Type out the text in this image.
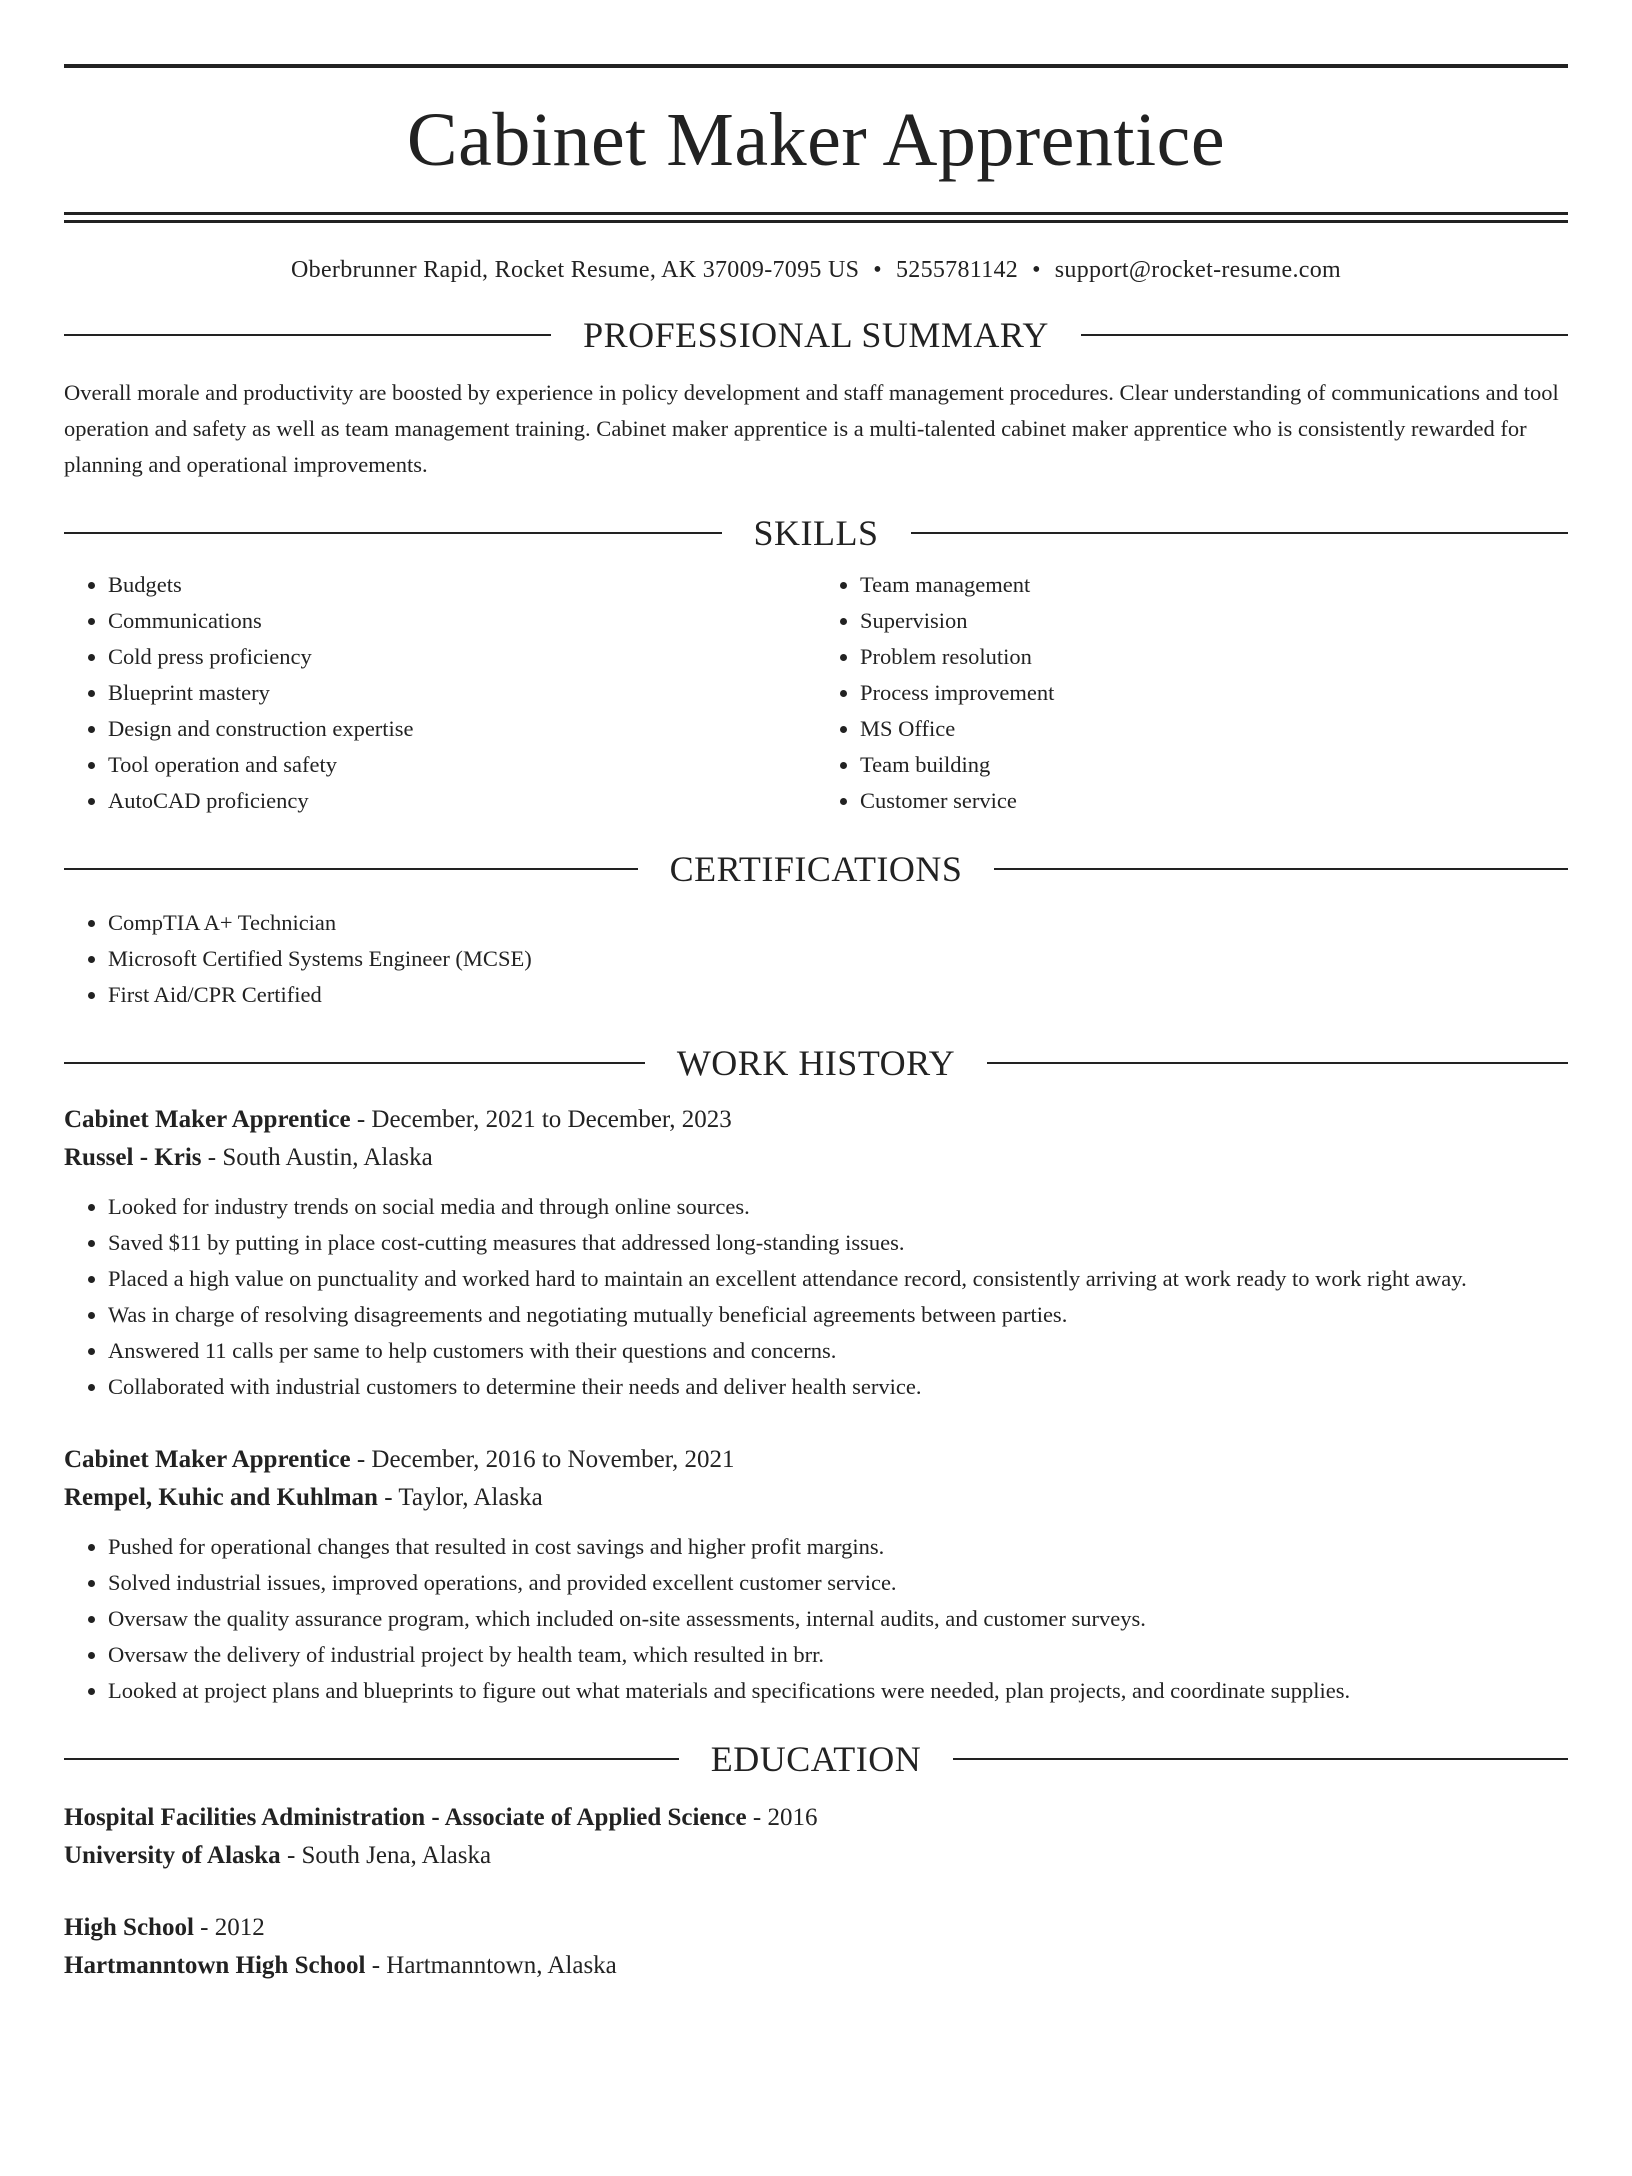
Cabinet Maker Apprentice
Oberbrunner Rapid, Rocket Resume, AK 37009-7095 US • 5255781142 • support@rocket-resume.com
PROFESSIONAL SUMMARY
Overall morale and productivity are boosted by experience in policy development and staff management procedures. Clear understanding of communications and tool operation and safety as well as team management training. Cabinet maker apprentice is a multi-talented cabinet maker apprentice who is consistently rewarded for planning and operational improvements.
SKILLS
• Budgets
• Communications
• Cold press proficiency
• Blueprint mastery
• Design and construction expertise
• Tool operation and safety
• AutoCAD proficiency
• Team management
• Supervision
• Problem resolution
• Process improvement
• MS Office
• Team building
• Customer service
CERTIFICATIONS
• CompTIA A+ Technician
• Microsoft Certified Systems Engineer (MCSE)
• First Aid/CPR Certified
WORK HISTORY
Cabinet Maker Apprentice - December, 2021 to December, 2023
Russel - Kris - South Austin, Alaska
• Looked for industry trends on social media and through online sources.
• Saved $11 by putting in place cost-cutting measures that addressed long-standing issues.
• Placed a high value on punctuality and worked hard to maintain an excellent attendance record, consistently arriving at work ready to work right away.
• Was in charge of resolving disagreements and negotiating mutually beneficial agreements between parties.
• Answered 11 calls per same to help customers with their questions and concerns.
• Collaborated with industrial customers to determine their needs and deliver health service.
Cabinet Maker Apprentice - December, 2016 to November, 2021
Rempel, Kuhic and Kuhlman - Taylor, Alaska
• Pushed for operational changes that resulted in cost savings and higher profit margins.
• Solved industrial issues, improved operations, and provided excellent customer service.
• Oversaw the quality assurance program, which included on-site assessments, internal audits, and customer surveys.
• Oversaw the delivery of industrial project by health team, which resulted in brr.
• Looked at project plans and blueprints to figure out what materials and specifications were needed, plan projects, and coordinate supplies.
EDUCATION
Hospital Facilities Administration - Associate of Applied Science - 2016
University of Alaska - South Jena, Alaska
High School - 2012
Hartmanntown High School - Hartmanntown, Alaska
